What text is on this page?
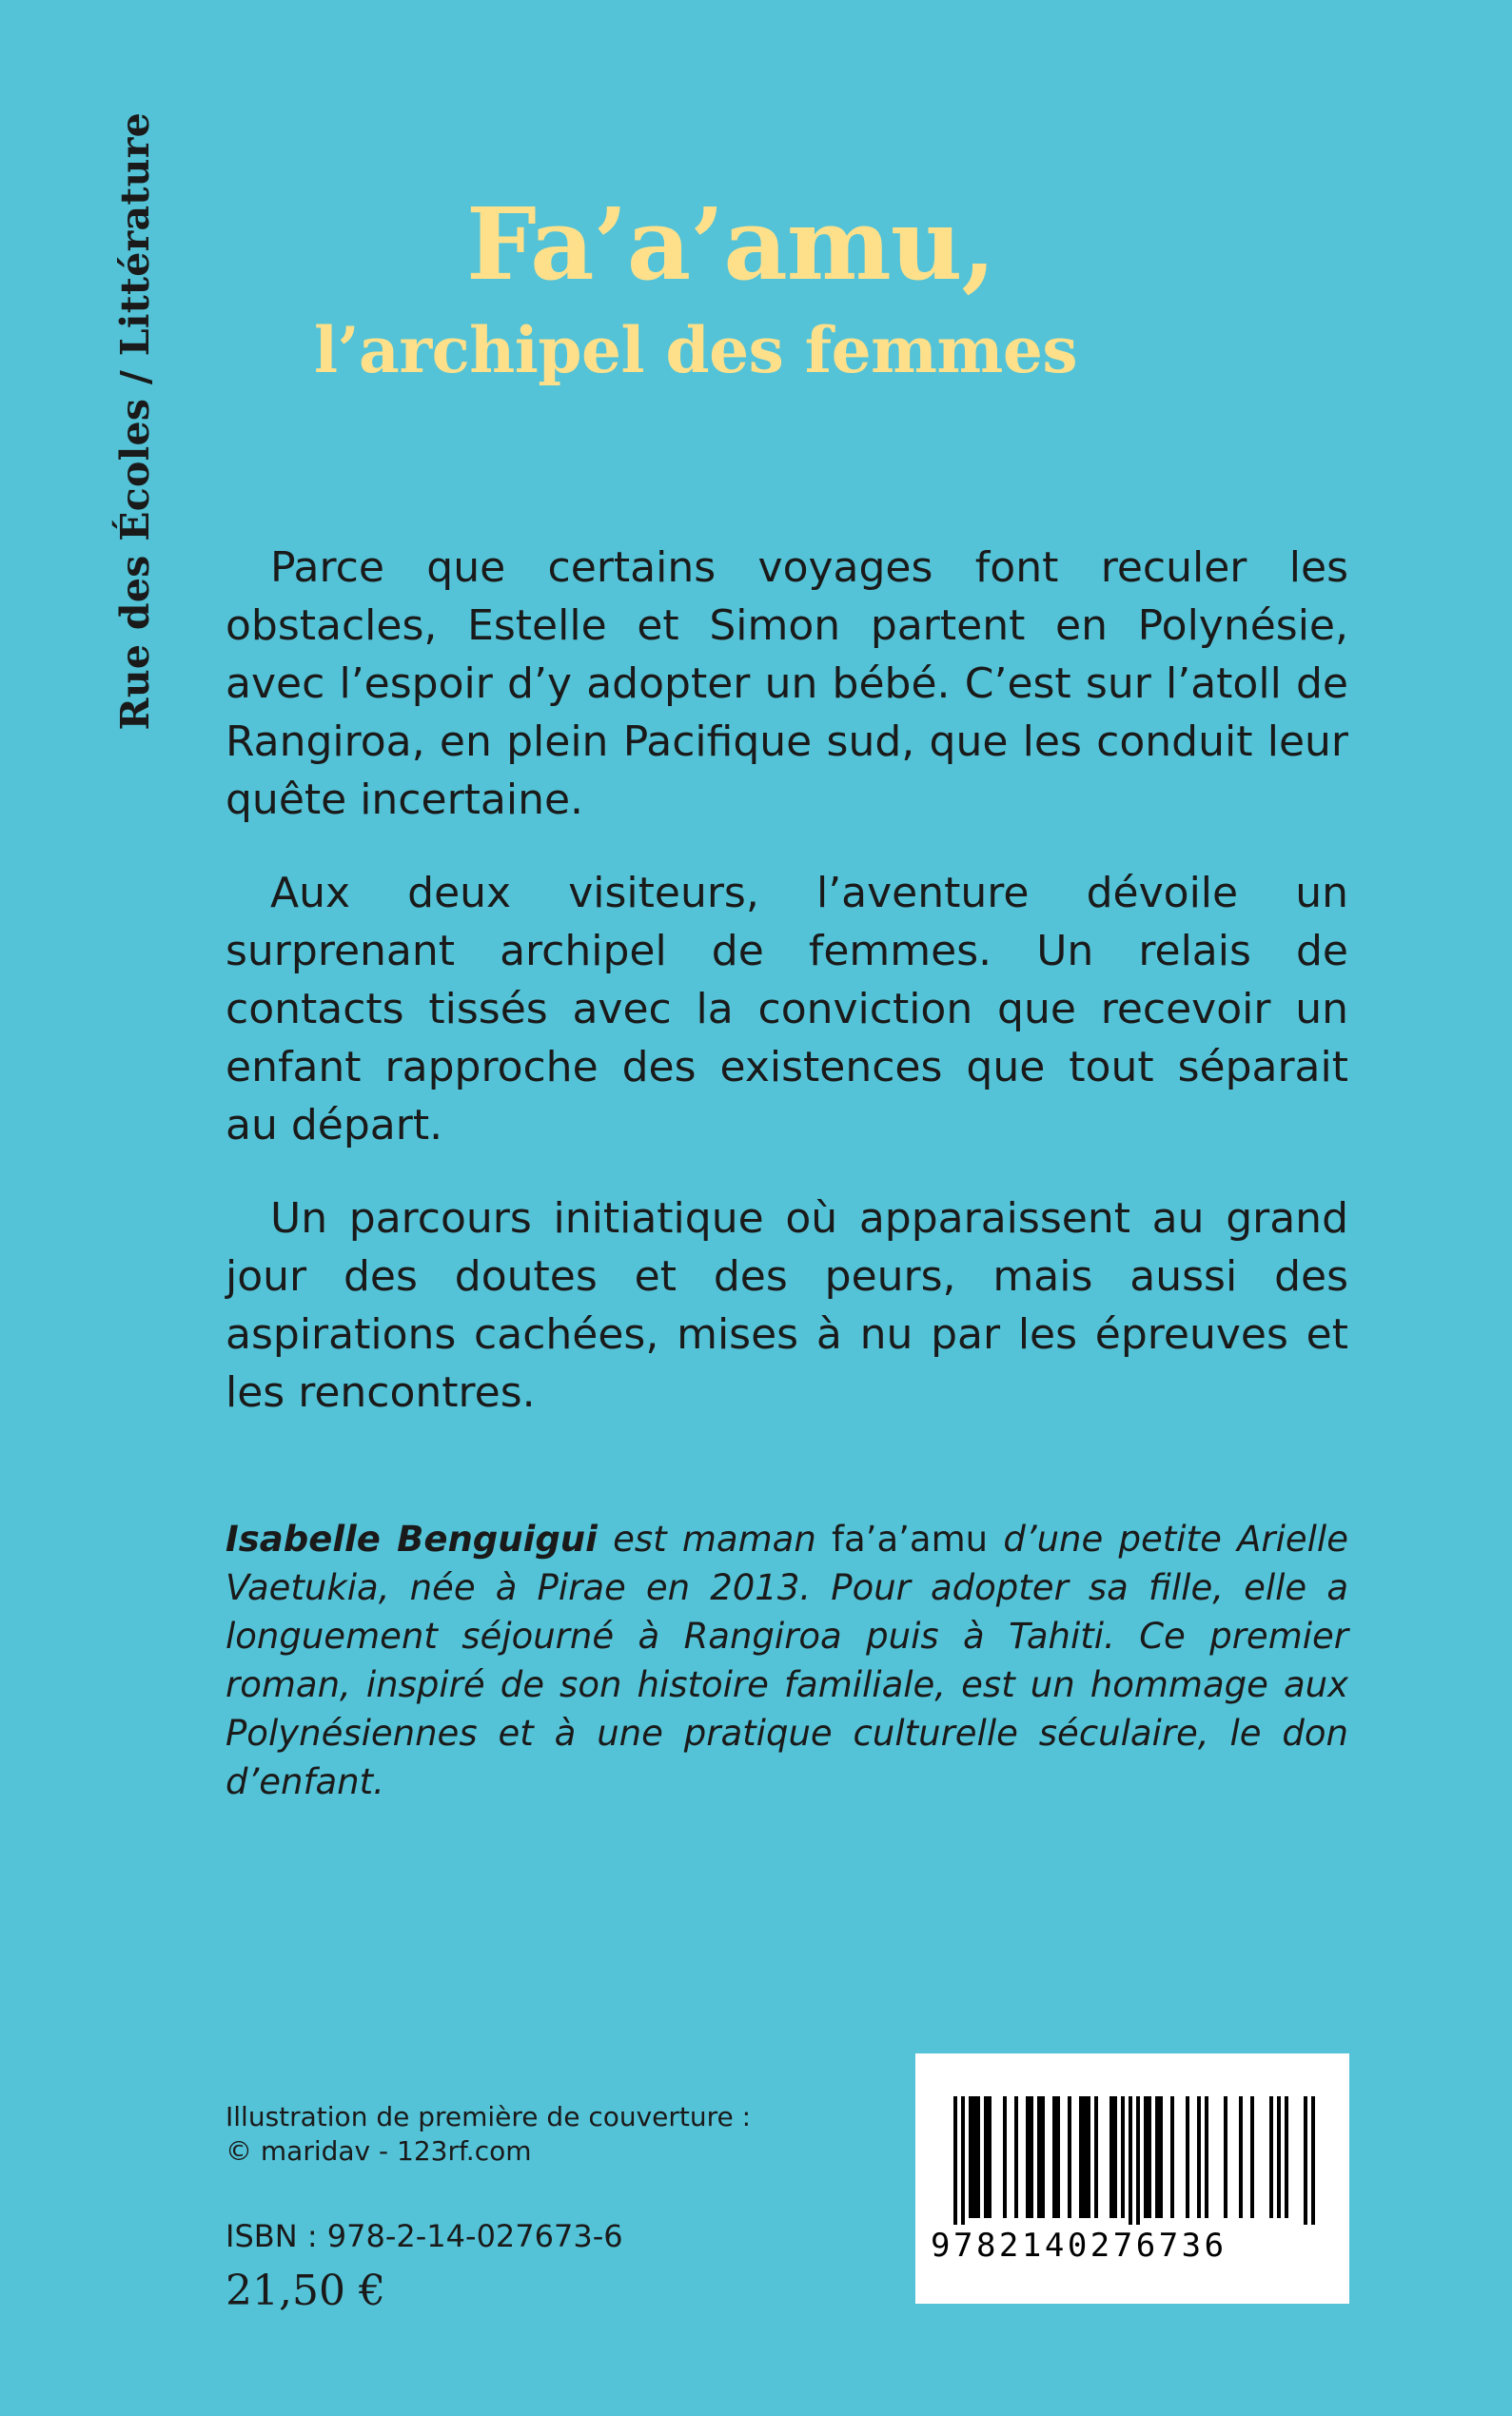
Rue des Écoles / Littérature	Fa’a’amu,
l’archipel des femmes

Parce que certains voyages font reculer les obstacles, Estelle et Simon partent en Polynésie, avec l’espoir d’y adopter un bébé. C’est sur l’atoll de Rangiroa, en plein Pacifique sud, que les conduit leur quête incertaine.

Aux deux visiteurs, l’aventure dévoile un surprenant archipel de femmes. Un relais de contacts tissés avec la conviction que recevoir un enfant rapproche des existences que tout séparait au départ.

Un parcours initiatique où apparaissent au grand jour des doutes et des peurs, mais aussi des aspirations cachées, mises à nu par les épreuves et les rencontres.

Isabelle Benguigui est maman fa’a’amu d’une petite Arielle Vaetukia, née à Pirae en 2013. Pour adopter sa fille, elle a longuement séjourné à Rangiroa puis à Tahiti. Ce premier roman, inspiré de son histoire familiale, est un hommage aux Polynésiennes et à une pratique culturelle séculaire, le don d’enfant.
Illustration de première de couverture :
© maridav - 123rf.com
ISBN : 978-2-14-027673-6
21,50 €
9782140276736
